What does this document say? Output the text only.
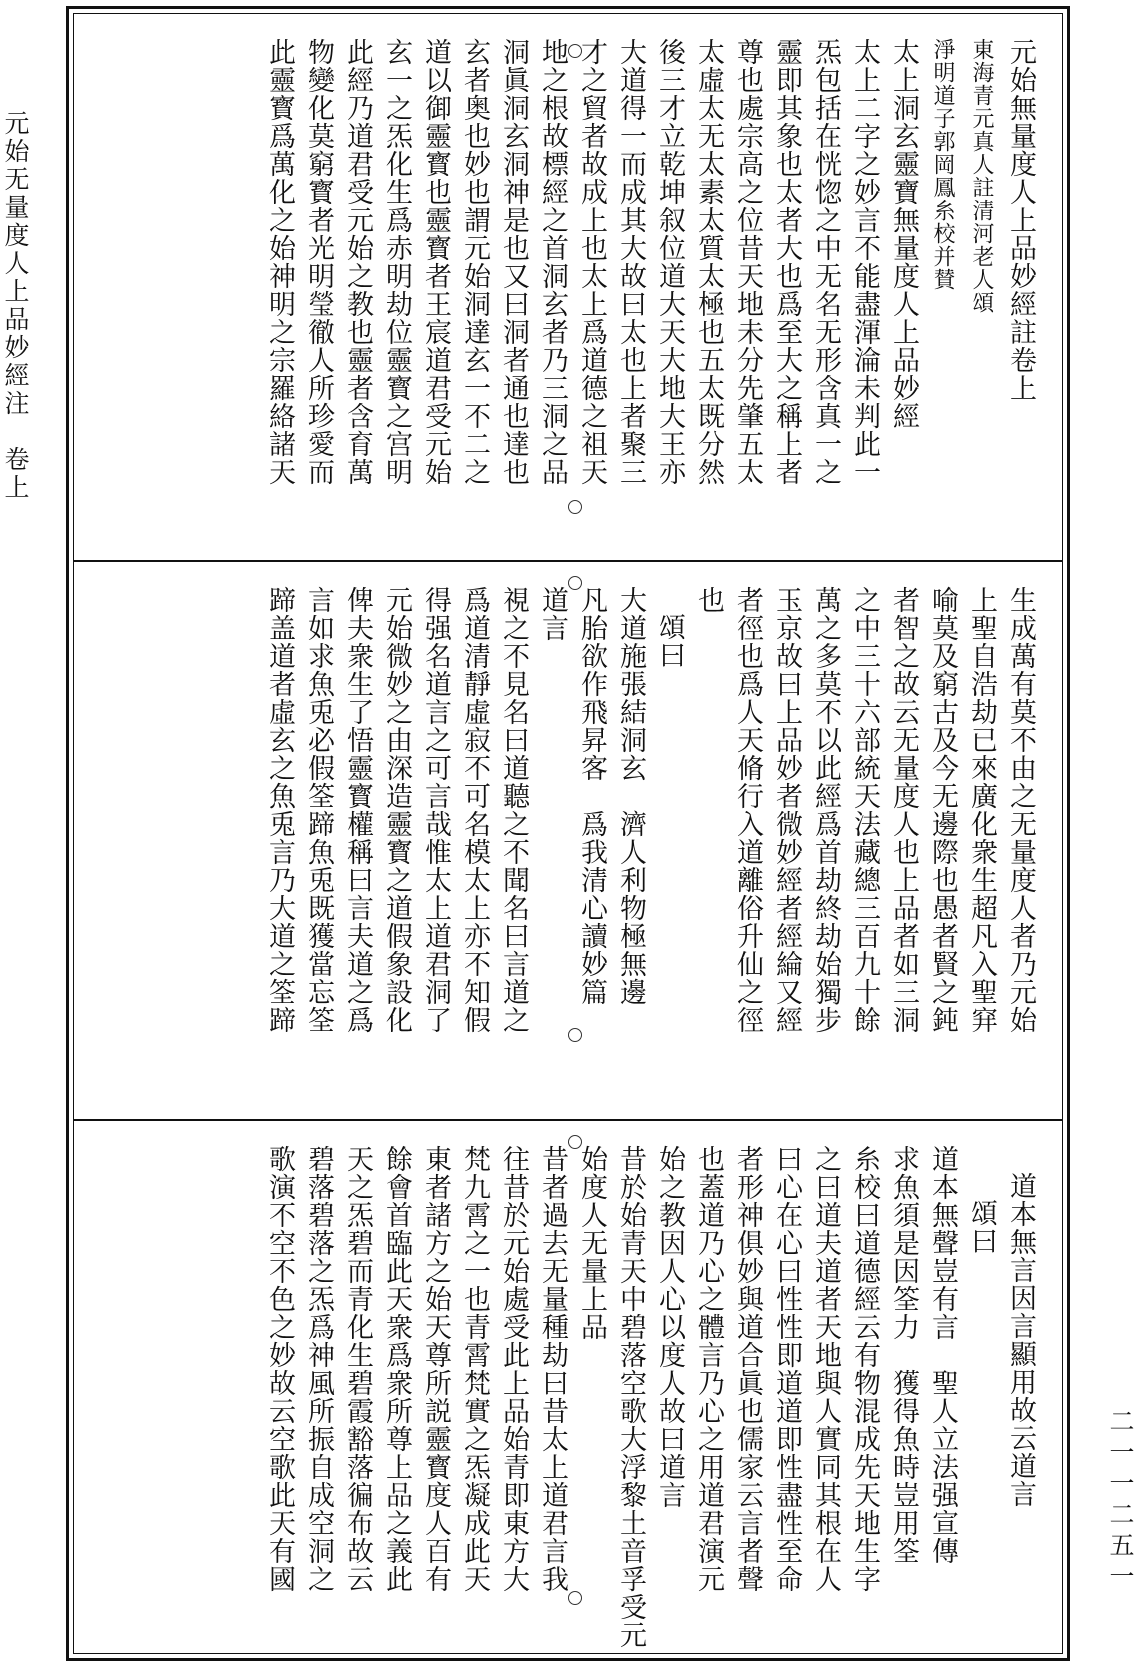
元始无量度人上品妙經注　卷上
二一一二五一
元始無量度人上品妙經註卷上
東海青元真人註清河老人頌
淨明道子郭岡鳳糸校并賛
太上洞玄靈寶無量度人上品妙經
太上二字之妙言不能盡渾淪未判此一
炁包括在恍惚之中无名无形含真一之
靈即其象也太者大也爲至大之稱上者
尊也處宗高之位昔天地未分先肇五太
太虛太无太素太質太極也五太既分然
後三才立乾坤叙位道大天大地大王亦
大道得一而成其大故曰太也上者聚三
才之貿者故成上也太上爲道德之祖天
地之根故標經之首洞玄者乃三洞之品
洞眞洞玄洞神是也又曰洞者通也達也
玄者奥也妙也謂元始洞達玄一不二之
道以御靈寳也靈寳者王宸道君受元始
玄一之炁化生爲赤明劫位靈寳之宫明
此經乃道君受元始之教也靈者含育萬
物變化莫窮寳者光明瑩徹人所珍愛而
此靈寳爲萬化之始神明之宗羅絡諸天
生成萬有莫不由之无量度人者乃元始
上聖自浩劫已來廣化衆生超凡入聖穽
喻莫及窮古及今无邊際也愚者賢之鈍
者智之故云无量度人也上品者如三洞
之中三十六部統天法藏總三百九十餘
萬之多莫不以此經爲首劫終劫始獨步
玉京故曰上品妙者微妙經者經綸又經
者徑也爲人天脩行入道離俗升仙之徑
也
頌曰
大道施張結洞玄　濟人利物極無邊
凡胎欲作飛昇客　爲我清心讀妙篇
道言
視之不見名曰道聽之不聞名曰言道之
爲道清靜虛寂不可名模太上亦不知假
得强名道言之可言哉惟太上道君洞了
元始微妙之由深造靈寳之道假象設化
俾夫衆生了悟靈寳權稱曰言夫道之爲
言如求魚兎必假筌蹄魚兎既獲當忘筌
蹄盖道者虛玄之魚兎言乃大道之筌蹄
道本無言因言顯用故云道言
頌曰
道本無聲豈有言　聖人立法强宣傳
求魚須是因筌力　獲得魚時豈用筌
糸校曰道德經云有物混成先天地生字
之曰道夫道者天地與人實同其根在人
曰心在心曰性性即道道即性盡性至命
者形神俱妙與道合眞也儒家云言者聲
也蓋道乃心之體言乃心之用道君演元
始之教因人心以度人故曰道言
昔於始青天中碧落空歌大浮黎土音孚受元
始度人无量上品
昔者過去无量種劫曰昔太上道君言我
往昔於元始處受此上品始青即東方大
梵九霄之一也青霄梵實之炁凝成此天
東者諸方之始天尊所説靈寳度人百有
餘會首臨此天衆爲衆所尊上品之義此
天之炁碧而青化生碧霞豁落徧布故云
碧落碧落之炁爲神風所振自成空洞之
歌演不空不色之妙故云空歌此天有國
